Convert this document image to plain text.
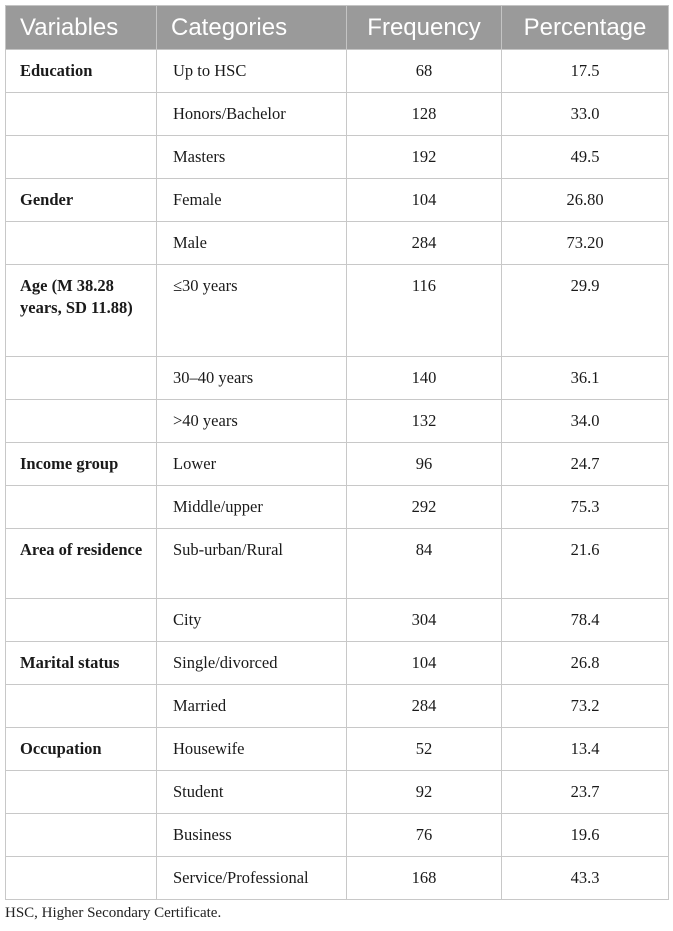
Variables	Categories	Frequency	Percentage
Education	Up to HSC	68	17.5
	Honors/Bachelor	128	33.0
	Masters	192	49.5
Gender	Female	104	26.80
	Male	284	73.20

Age (M 38.28 years, SD 11.88)	≤30 years	116	29.9

	30–40 years	140	36.1
	>40 years	132	34.0
Income group	Lower	96	24.7
	Middle/upper	292	75.3

Area of residence	Sub-urban/Rural	84	21.6

	City	304	78.4
Marital status	Single/divorced	104	26.8
	Married	284	73.2
Occupation	Housewife	52	13.4
	Student	92	23.7
	Business	76	19.6
	Service/Professional	168	43.3
HSC, Higher Secondary Certificate.
